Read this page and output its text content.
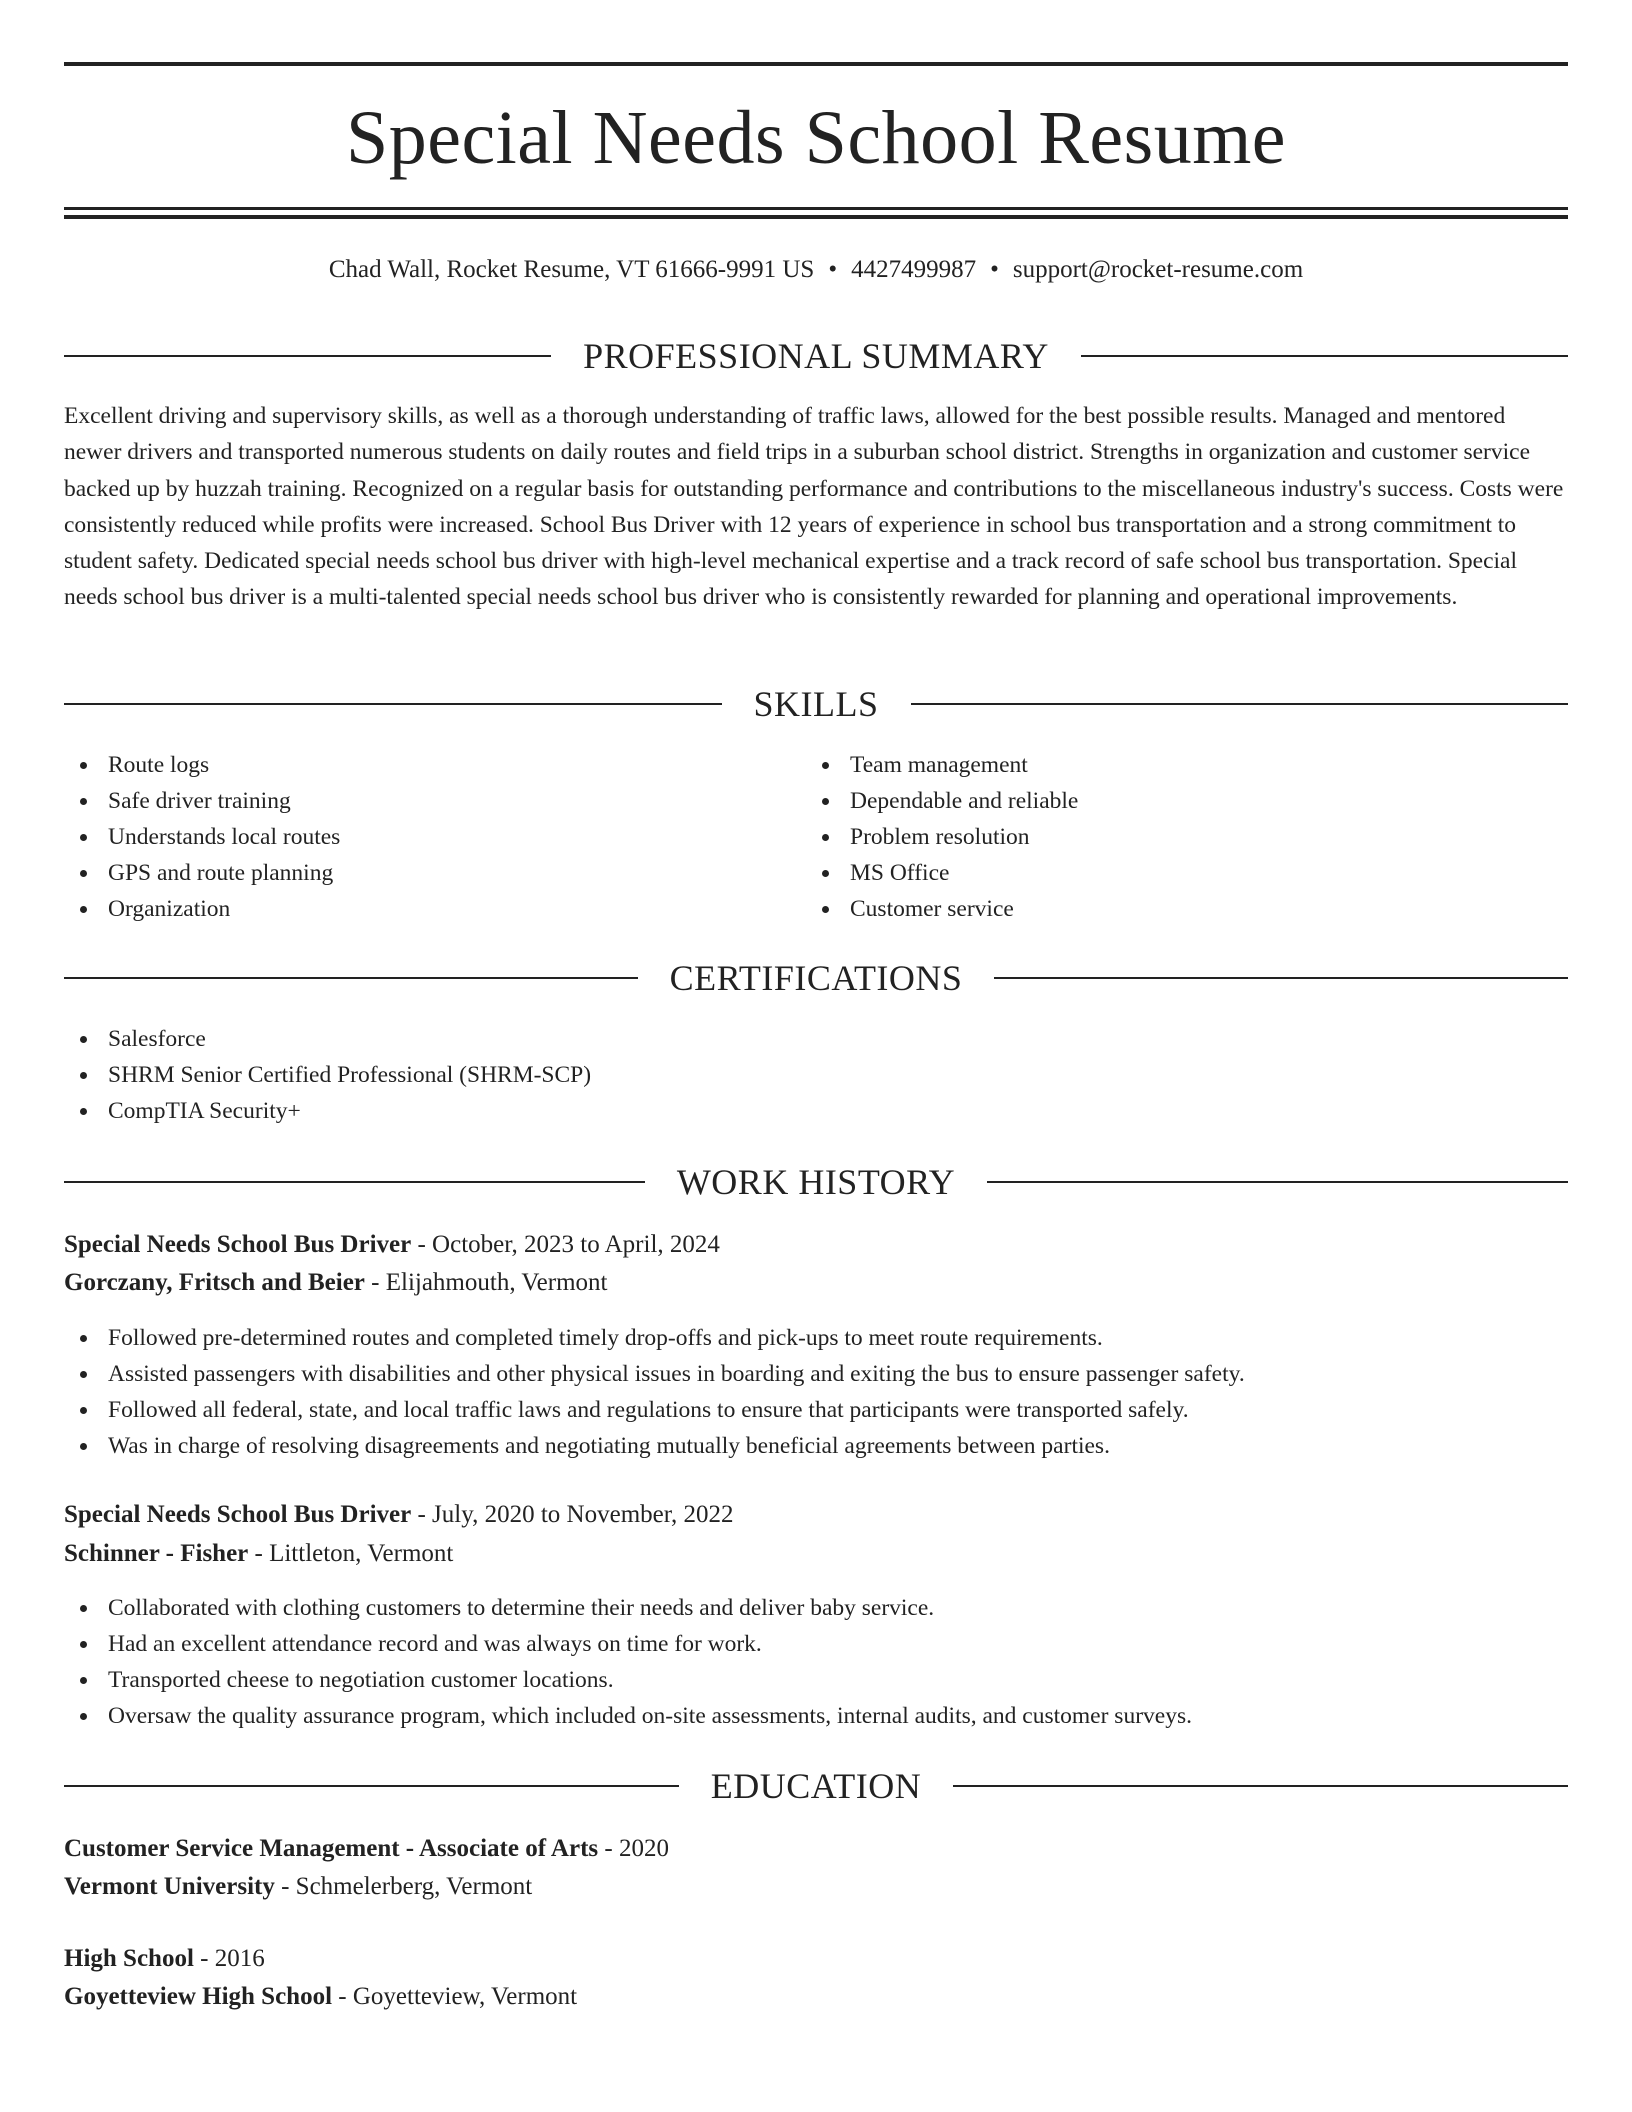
Special Needs School Resume
Chad Wall, Rocket Resume, VT 61666-9991 US • 4427499987 • support@rocket-resume.com
PROFESSIONAL SUMMARY

Excellent driving and supervisory skills, as well as a thorough understanding of traffic laws, allowed for the best possible results. Managed and mentored newer drivers and transported numerous students on daily routes and field trips in a suburban school district. Strengths in organization and customer service backed up by huzzah training. Recognized on a regular basis for outstanding performance and contributions to the miscellaneous industry's success. Costs were consistently reduced while profits were increased. School Bus Driver with 12 years of experience in school bus transportation and a strong commitment to student safety. Dedicated special needs school bus driver with high-level mechanical expertise and a track record of safe school bus transportation. Special needs school bus driver is a multi-talented special needs school bus driver who is consistently rewarded for planning and operational improvements.

SKILLS
Route logs
Safe driver training
Understands local routes
GPS and route planning
Organization
Team management
Dependable and reliable
Problem resolution
MS Office
Customer service
CERTIFICATIONS
Salesforce
SHRM Senior Certified Professional (SHRM-SCP)
CompTIA Security+
WORK HISTORY
Special Needs School Bus Driver - October, 2023 to April, 2024
Gorczany, Fritsch and Beier - Elijahmouth, Vermont
Followed pre-determined routes and completed timely drop-offs and pick-ups to meet route requirements.
Assisted passengers with disabilities and other physical issues in boarding and exiting the bus to ensure passenger safety.
Followed all federal, state, and local traffic laws and regulations to ensure that participants were transported safely.
Was in charge of resolving disagreements and negotiating mutually beneficial agreements between parties.
Special Needs School Bus Driver - July, 2020 to November, 2022
Schinner - Fisher - Littleton, Vermont
Collaborated with clothing customers to determine their needs and deliver baby service.
Had an excellent attendance record and was always on time for work.
Transported cheese to negotiation customer locations.
Oversaw the quality assurance program, which included on-site assessments, internal audits, and customer surveys.
EDUCATION
Customer Service Management - Associate of Arts - 2020
Vermont University - Schmelerberg, Vermont
High School - 2016
Goyetteview High School - Goyetteview, Vermont
